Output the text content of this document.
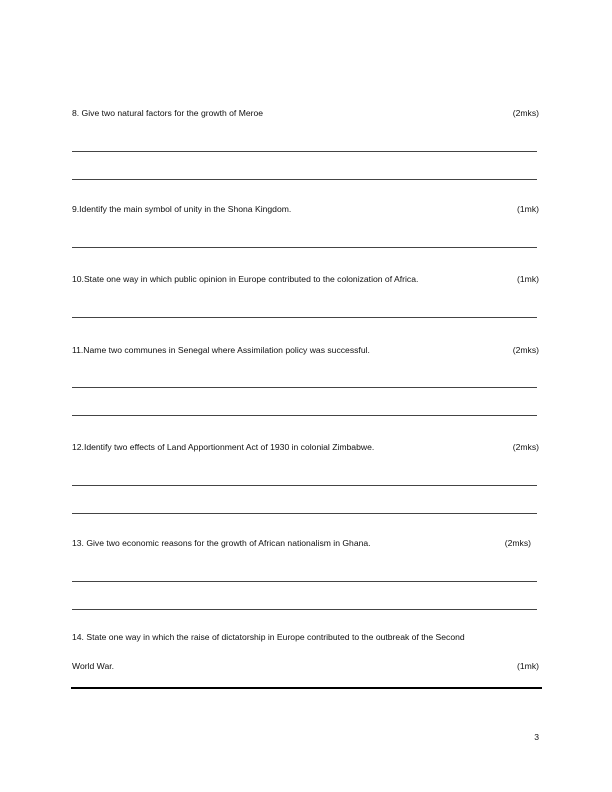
8. Give two natural factors for the growth of Meroe	(2mks)
9.Identify the main symbol of unity in the Shona Kingdom.	(1mk)
10.State one way in which public opinion in Europe contributed to the colonization of Africa.	(1mk)
11.Name two communes in Senegal where Assimilation policy was successful.	(2mks)
12.Identify two effects of Land Apportionment Act of 1930 in colonial Zimbabwe.	(2mks)
13. Give two economic reasons for the growth of African nationalism in Ghana.	(2mks)
14. State one way in which the raise of dictatorship in Europe contributed to the outbreak of the Second
World War.	(1mk)
3
